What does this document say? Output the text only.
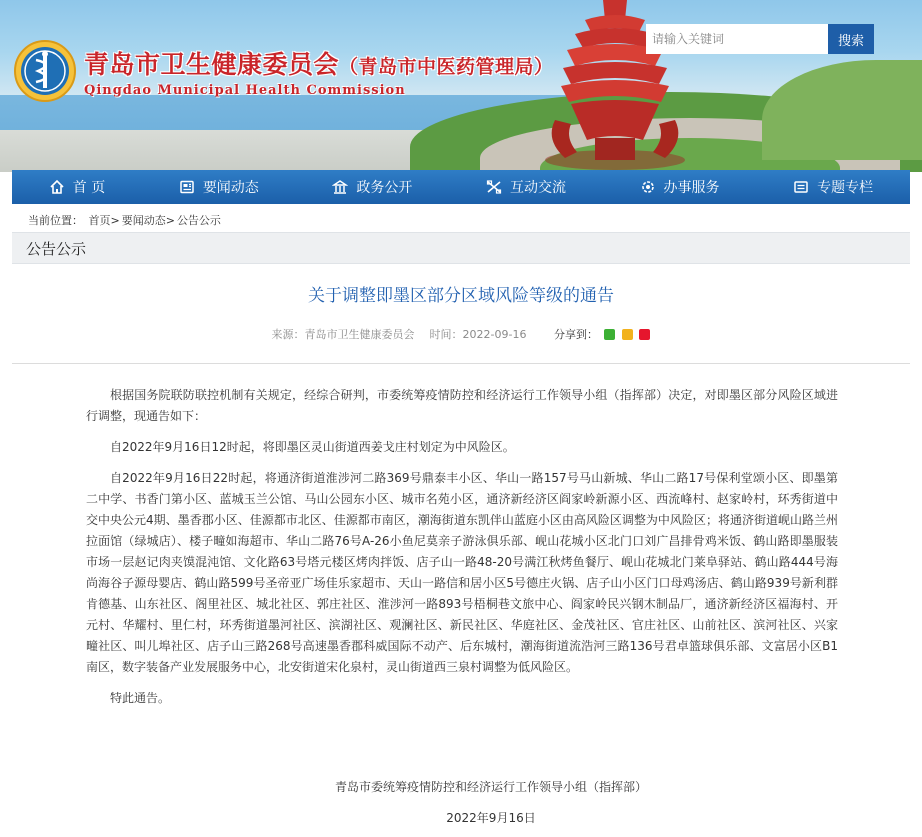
青岛市卫生健康委员会（青岛市中医药管理局）
Qingdao Municipal Health Commission
请输入关键词
搜索
首 页	要闻动态	政务公开	互动交流	办事服务	专题专栏
当前位置： 首页> 要闻动态> 公告公示
公告公示
关于调整即墨区部分区域风险等级的通告
来源：青岛市卫生健康委员会 时间：2022-09-16	分享到：

根据国务院联防联控机制有关规定，经综合研判，市委统筹疫情防控和经济运行工作领导小组（指挥部）决定，对即墨区部分风险区域进行调整，现通告如下：

自2022年9月16日12时起，将即墨区灵山街道西姜戈庄村划定为中风险区。

自2022年9月16日22时起，将通济街道淮涉河二路369号鼎泰丰小区、华山一路157号马山新城、华山二路17号保利堂颂小区、即墨第二中学、书香门第小区、蓝城玉兰公馆、马山公园东小区、城市名苑小区，通济新经济区阎家岭新源小区、西流峰村、赵家岭村，环秀街道中交中央公元4期、墨香郡小区、佳源都市北区、佳源都市南区，潮海街道东凯伴山蓝庭小区由高风险区调整为中风险区；将通济街道岘山路兰州拉面馆（绿城店）、楼子疃如海超市、华山二路76号A-26小鱼尼莫亲子游泳俱乐部、岘山花城小区北门口刘广昌排骨鸡米饭、鹤山路即墨服装市场一层赵记肉夹馍混沌馆、文化路63号塔元楼区烤肉拌饭、店子山一路48-20号满江秋烤鱼餐厅、岘山花城北门莱阜驿站、鹤山路444号海尚海谷子源母婴店、鹤山路599号圣帝亚广场佳乐家超市、天山一路信和居小区5号德庄火锅、店子山小区门口母鸡汤店、鹤山路939号新利群肯德基、山东社区、阁里社区、城北社区、郭庄社区、淮涉河一路893号梧桐巷文旅中心、阎家岭民兴钢木制品厂，通济新经济区福海村、开元村、华耀村、里仁村，环秀街道墨河社区、滨湖社区、观澜社区、新民社区、华庭社区、金茂社区、官庄社区、山前社区、滨河社区、兴家疃社区、叫儿埠社区、店子山三路268号高速墨香郡科威国际不动产、后东城村，潮海街道流浩河三路136号君卓篮球俱乐部、文富居小区B1南区，数字装备产业发展服务中心，北安街道宋化泉村，灵山街道西三泉村调整为低风险区。

特此通告。

青岛市委统筹疫情防控和经济运行工作领导小组（指挥部）
2022年9月16日
